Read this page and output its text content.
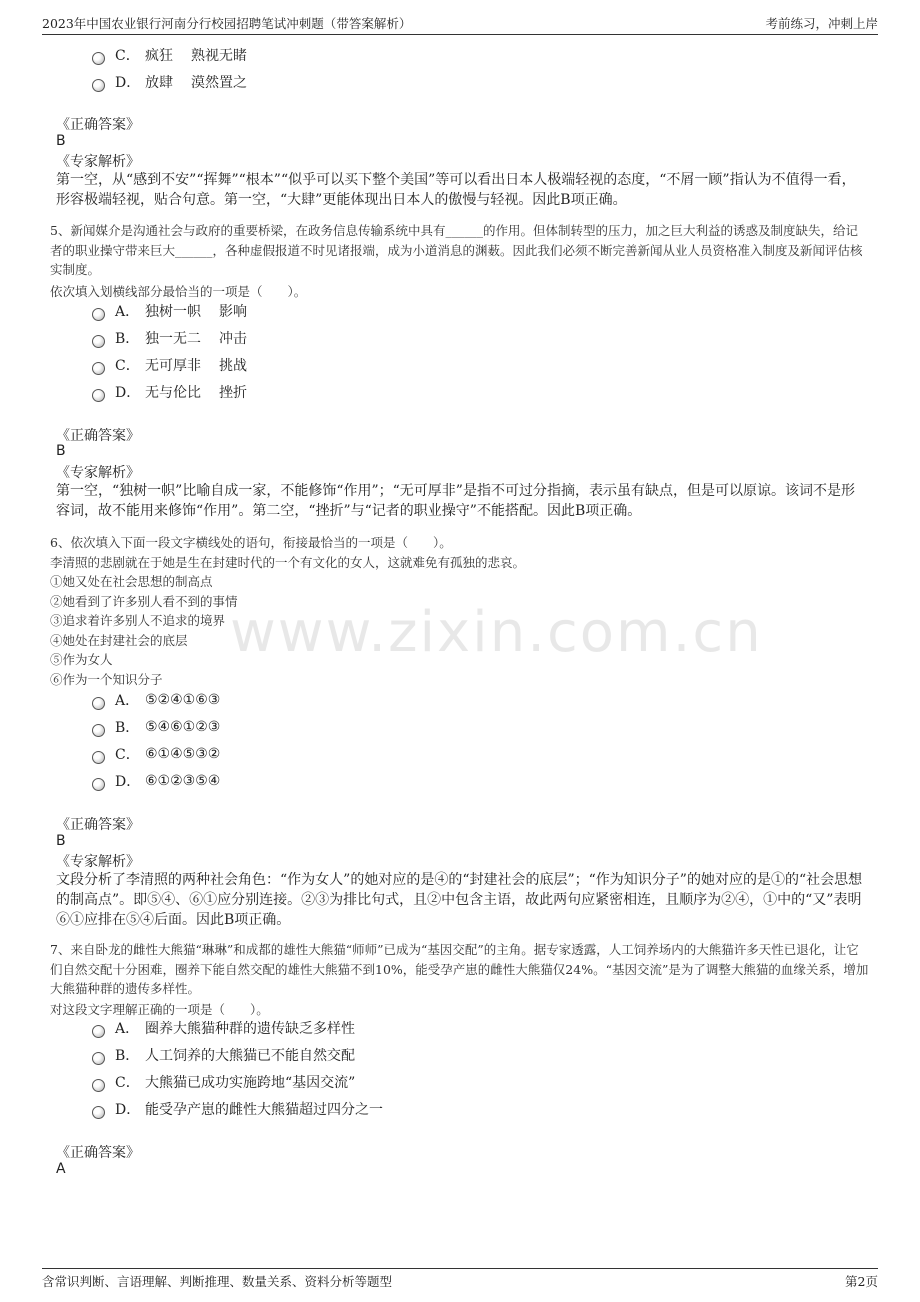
2023年中国农业银行河南分行校园招聘笔试冲刺题（带答案解析）	考前练习，冲刺上岸
www.zixin.com.cn
C． 疯狂 熟视无睹
D． 放肆 漠然置之
《正确答案》
B
《专家解析》
第一空，从“感到不安”“挥舞”“根本”“似乎可以买下整个美国”等可以看出日本人极端轻视的态度，“不屑一顾”指认为不值得一看，形容极端轻视，贴合句意。第一空，“大肆”更能体现出日本人的傲慢与轻视。因此B项正确。
5、新闻媒介是沟通社会与政府的重要桥梁，在政务信息传输系统中具有______的作用。但体制转型的压力，加之巨大利益的诱惑及制度缺失，给记者的职业操守带来巨大______，各种虚假报道不时见诸报端，成为小道消息的渊薮。因此我们必须不断完善新闻从业人员资格准入制度及新闻评估核实制度。
依次填入划横线部分最恰当的一项是（　　）。
A． 独树一帜 影响
B． 独一无二 冲击
C． 无可厚非 挑战
D． 无与伦比 挫折
《正确答案》
B
《专家解析》
第一空，“独树一帜”比喻自成一家，不能修饰“作用”；“无可厚非”是指不可过分指摘，表示虽有缺点，但是可以原谅。该词不是形容词，故不能用来修饰“作用”。第二空，“挫折”与“记者的职业操守”不能搭配。因此B项正确。
6、依次填入下面一段文字横线处的语句，衔接最恰当的一项是（　　）。
李清照的悲剧就在于她是生在封建时代的一个有文化的女人，这就难免有孤独的悲哀。
①她又处在社会思想的制高点
②她看到了许多别人看不到的事情
③追求着许多别人不追求的境界
④她处在封建社会的底层
⑤作为女人
⑥作为一个知识分子
A． ⑤②④①⑥③
B． ⑤④⑥①②③
C． ⑥①④⑤③②
D． ⑥①②③⑤④
《正确答案》
B
《专家解析》
文段分析了李清照的两种社会角色：“作为女人”的她对应的是④的“封建社会的底层”；“作为知识分子”的她对应的是①的“社会思想的制高点”。即⑤④、⑥①应分别连接。②③为排比句式，且②中包含主语，故此两句应紧密相连，且顺序为②④，①中的“又”表明⑥①应排在⑤④后面。因此B项正确。
7、来自卧龙的雌性大熊猫“琳琳”和成都的雄性大熊猫“师师”已成为“基因交配”的主角。据专家透露，人工饲养场内的大熊猫许多天性已退化，让它们自然交配十分困难，圈养下能自然交配的雄性大熊猫不到10%，能受孕产崽的雌性大熊猫仅24%。“基因交流”是为了调整大熊猫的血缘关系，增加大熊猫种群的遗传多样性。
对这段文字理解正确的一项是（　　）。
A． 圈养大熊猫种群的遗传缺乏多样性
B． 人工饲养的大熊猫已不能自然交配
C． 大熊猫已成功实施跨地“基因交流”
D． 能受孕产崽的雌性大熊猫超过四分之一
《正确答案》
A
含常识判断、言语理解、判断推理、数量关系、资料分析等题型	第2页
